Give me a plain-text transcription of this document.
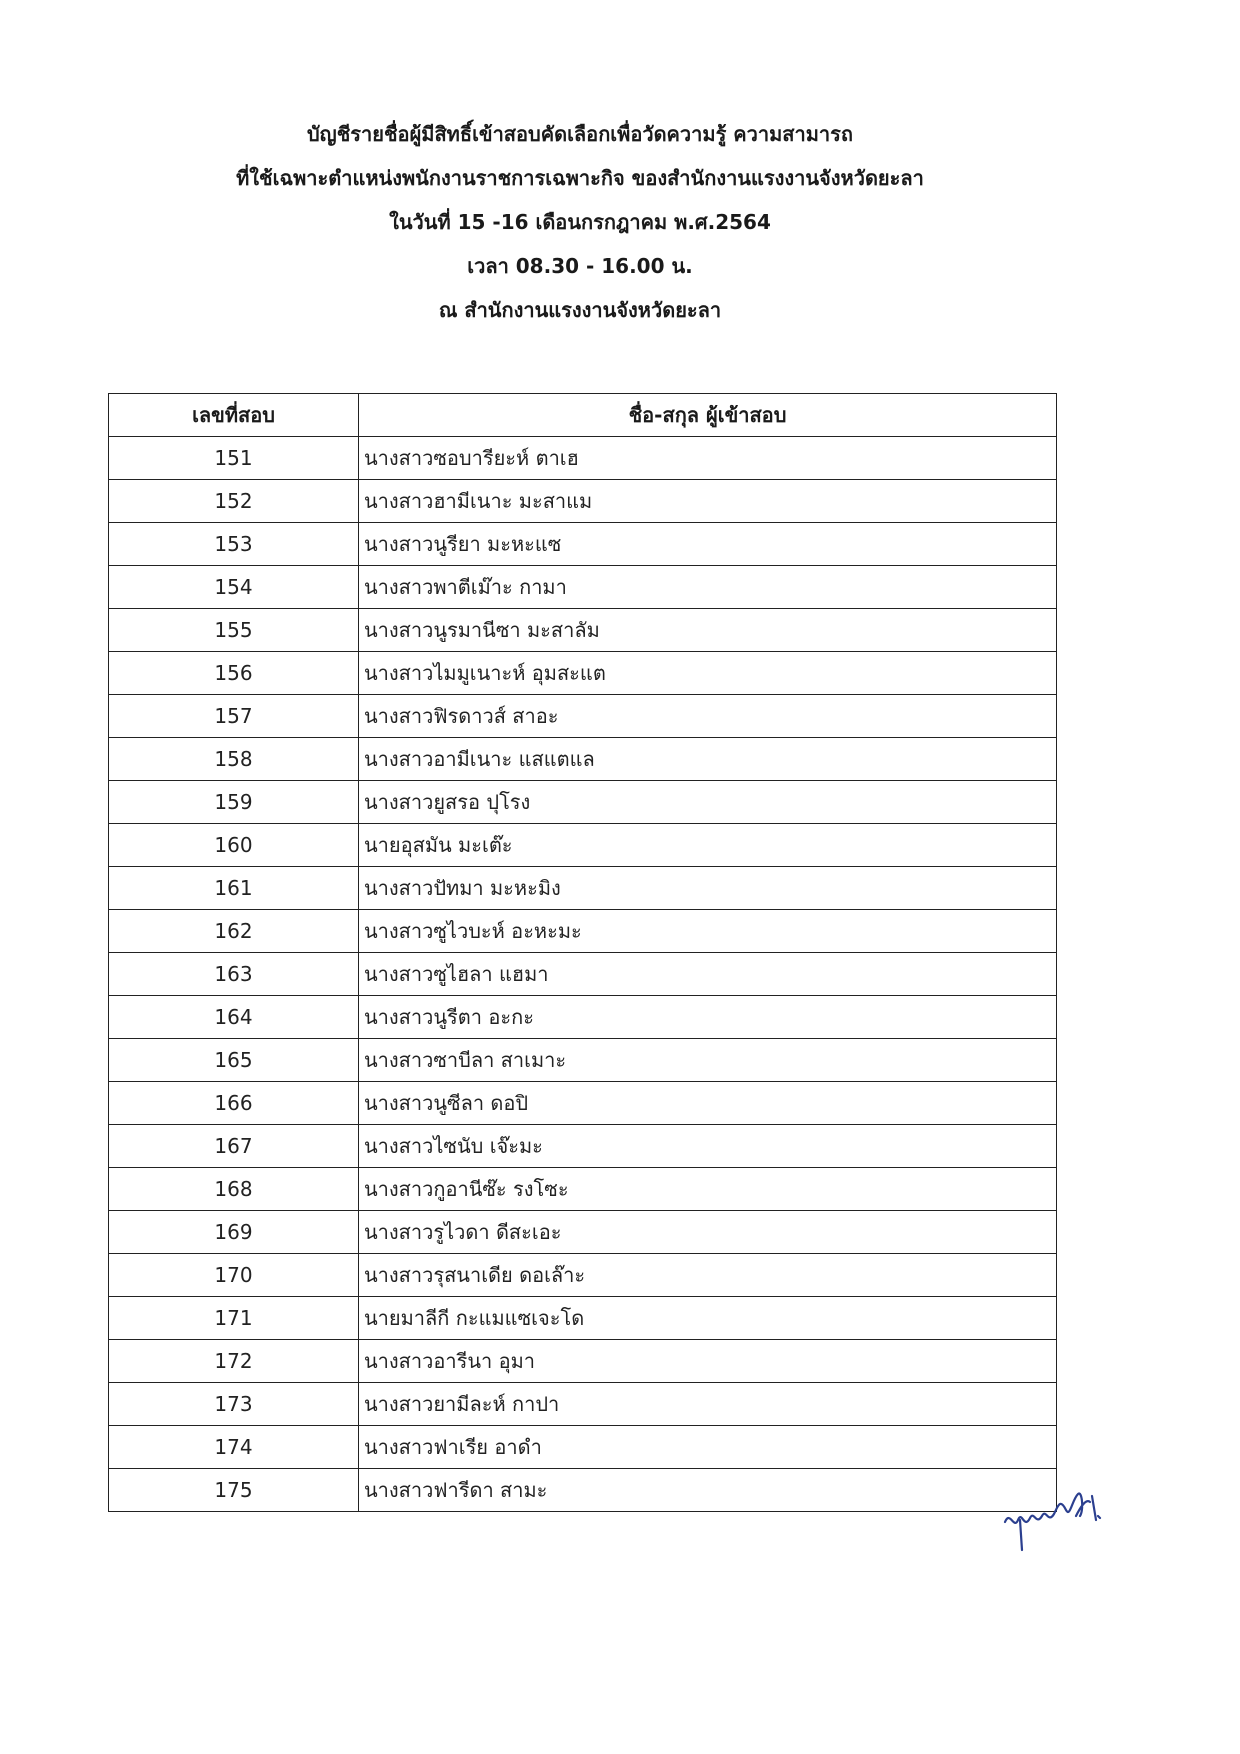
บัญชีรายชื่อผู้มีสิทธิ์เข้าสอบคัดเลือกเพื่อวัดความรู้ ความสามารถ
ที่ใช้เฉพาะตำแหน่งพนักงานราชการเฉพาะกิจ ของสำนักงานแรงงานจังหวัดยะลา
ในวันที่ 15 -16 เดือนกรกฎาคม พ.ศ.2564
เวลา 08.30 - 16.00 น.
ณ สำนักงานแรงงานจังหวัดยะลา
เลขที่สอบ	ชื่อ-สกุล ผู้เข้าสอบ
151	นางสาวซอบารียะห์ ตาเฮ
152	นางสาวฮามีเนาะ มะสาแม
153	นางสาวนูรียา มะหะแซ
154	นางสาวพาตีเม๊าะ กามา
155	นางสาวนูรมานีซา มะสาลัม
156	นางสาวไมมูเนาะห์ อุมสะแต
157	นางสาวฟิรดาวส์ สาอะ
158	นางสาวอามีเนาะ แสแตแล
159	นางสาวยูสรอ ปุโรง
160	นายอุสมัน มะเต๊ะ
161	นางสาวปัทมา มะหะมิง
162	นางสาวซูไวบะห์ อะหะมะ
163	นางสาวซูไฮลา แฮมา
164	นางสาวนูรีตา อะกะ
165	นางสาวซาบีลา สาเมาะ
166	นางสาวนูซีลา ดอปิ
167	นางสาวไซนับ เจ๊ะมะ
168	นางสาวกูอานีซ๊ะ รงโซะ
169	นางสาวรูไวดา ดีสะเอะ
170	นางสาวรุสนาเดีย ดอเล๊าะ
171	นายมาลีกี กะแมแซเจะโด
172	นางสาวอารีนา อุมา
173	นางสาวยามีละห์ กาปา
174	นางสาวฟาเรีย อาดำ
175	นางสาวฟารีดา สามะ
